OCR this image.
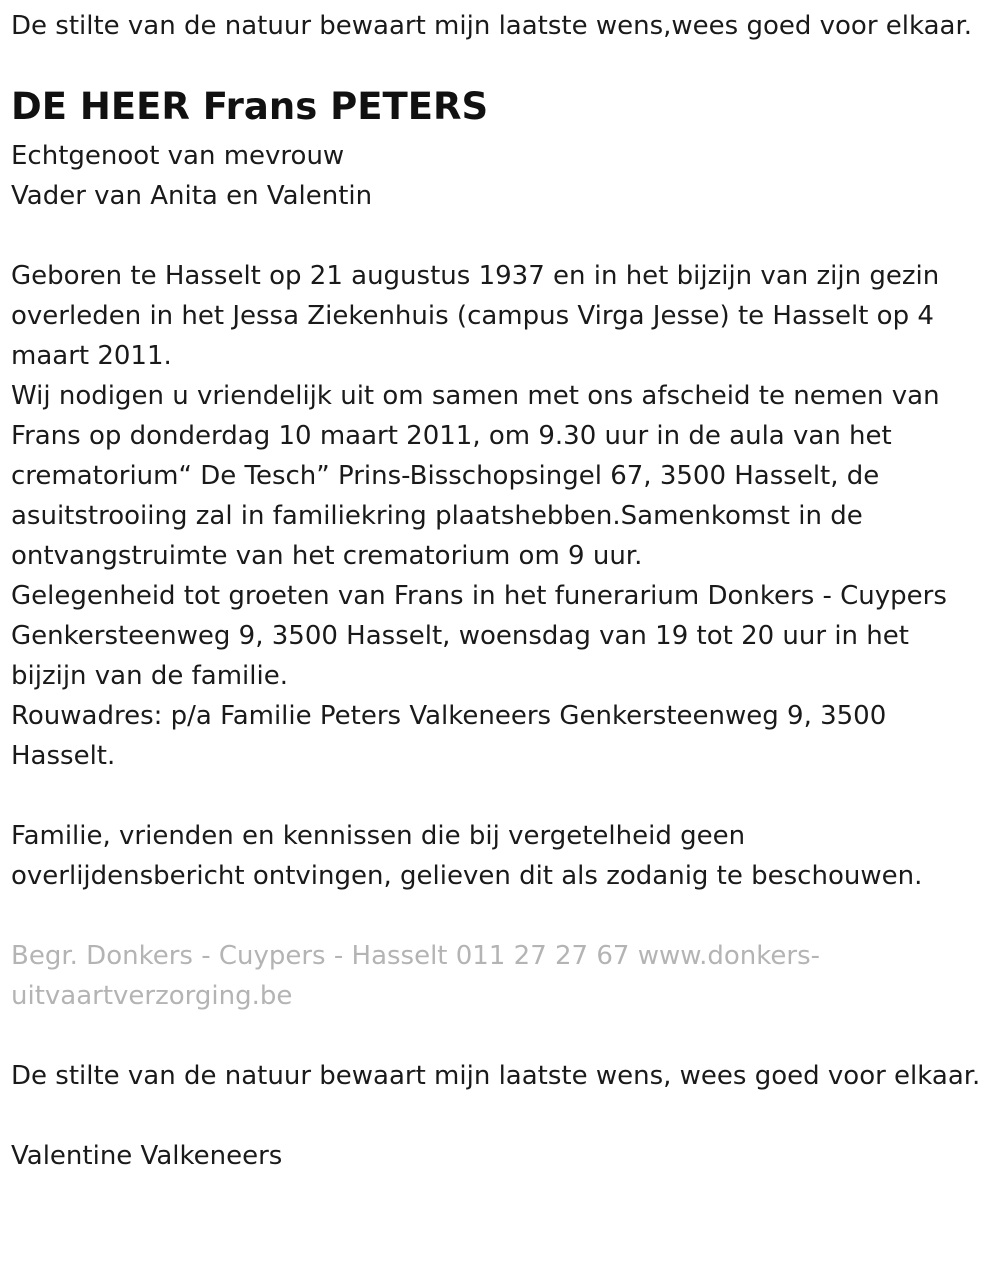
De stilte van de natuur bewaart mijn laatste wens,wees goed voor elkaar.

DE HEER Frans PETERS

Echtgenoot van mevrouw
Vader van Anita en Valentin

Geboren te Hasselt op 21 augustus 1937 en in het bijzijn van zijn gezin overleden in het Jessa Ziekenhuis (campus Virga Jesse) te Hasselt op 4 maart 2011.

Wij nodigen u vriendelijk uit om samen met ons afscheid te nemen van Frans op donderdag 10 maart 2011, om 9.30 uur in de aula van het crematorium“ De Tesch” Prins-Bisschopsingel 67, 3500 Hasselt, de asuitstrooiing zal in familiekring plaatshebben.Samenkomst in de ontvangstruimte van het crematorium om 9 uur.

Gelegenheid tot groeten van Frans in het funerarium Donkers - Cuypers Genkersteenweg 9, 3500 Hasselt, woensdag van 19 tot 20 uur in het bijzijn van de familie.

Rouwadres: p/a Familie Peters Valkeneers Genkersteenweg 9, 3500 Hasselt.

Familie, vrienden en kennissen die bij vergetelheid geen overlijdensbericht ontvingen, gelieven dit als zodanig te beschouwen.

Begr. Donkers - Cuypers - Hasselt 011 27 27 67 www.donkers-uitvaartverzorging.be

De stilte van de natuur bewaart mijn laatste wens, wees goed voor elkaar.

Valentine Valkeneers
